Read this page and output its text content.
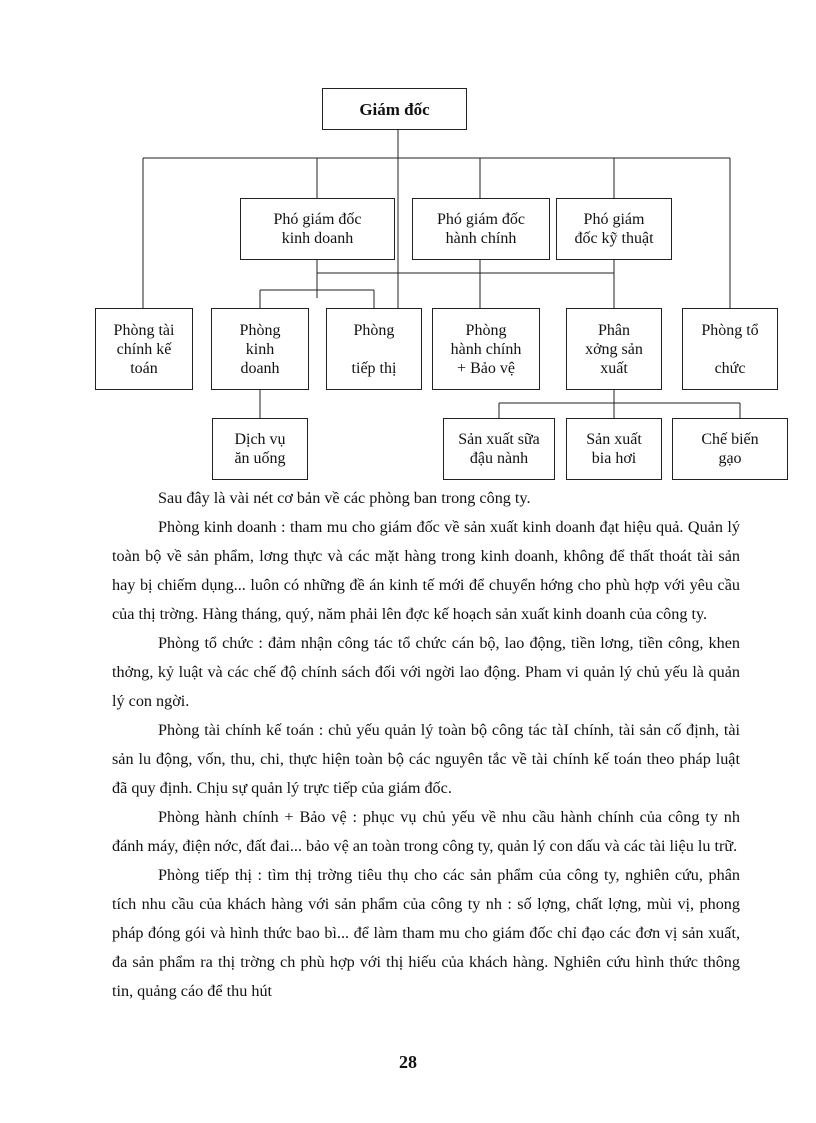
Giám đốc
Phó giám đốc
kinh doanh
Phó giám đốc
hành chính
Phó giám
đốc kỹ thuật
Phòng tài
chính kế
toán
Phòng
kinh
doanh
Phòng

tiếp thị
Phòng
hành chính
+ Bảo vệ
Phân
xởng sản
xuất
Phòng tổ

chức
Dịch vụ
ăn uống
Sản xuất sữa
đậu nành
Sản xuất
bia hơi
Chế biến
gạo

Sau đây là vài nét cơ bản về các phòng ban trong công ty.

Phòng kinh doanh : tham mu cho giám đốc về sản xuất kinh doanh đạt hiệu quả. Quản lý toàn bộ về sản phẩm, lơng thực và các mặt hàng trong kinh doanh, không để thất thoát tài sản hay bị chiếm dụng... luôn có những đề án kinh tế mới để chuyển hớng cho phù hợp với yêu cầu của thị trờng. Hàng tháng, quý, năm phải lên đợc kế hoạch sản xuất kinh doanh của công ty.

Phòng tổ chức : đảm nhận công tác tổ chức cán bộ, lao động, tiền lơng, tiền công, khen thởng, kỷ luật và các chế độ chính sách đối với ngời lao động. Pham vi quản lý chủ yếu là quản lý con ngời.

Phòng tài chính kế toán : chủ yếu quản lý toàn bộ công tác tàI chính, tài sản cố định, tài sản lu động, vốn, thu, chi, thực hiện toàn bộ các nguyên tắc về tài chính kế toán theo pháp luật đã quy định. Chịu sự quản lý trực tiếp của giám đốc.

Phòng hành chính + Bảo vệ : phục vụ chủ yếu về nhu cầu hành chính của công ty nh đánh máy, điện nớc, đất đai... bảo vệ an toàn trong công ty, quản lý con dấu và các tài liệu lu trữ.

Phòng tiếp thị : tìm thị trờng tiêu thụ cho các sản phẩm của công ty, nghiên cứu, phân tích nhu cầu của khách hàng với sản phẩm của công ty nh : số lợng, chất lợng, mùi vị, phong pháp đóng gói và hình thức bao bì... để làm tham mu cho giám đốc chỉ đạo các đơn vị sản xuất, đa sản phẩm ra thị trờng ch phù hợp với thị hiếu của khách hàng. Nghiên cứu hình thức thông tin, quảng cáo để thu hút

28
